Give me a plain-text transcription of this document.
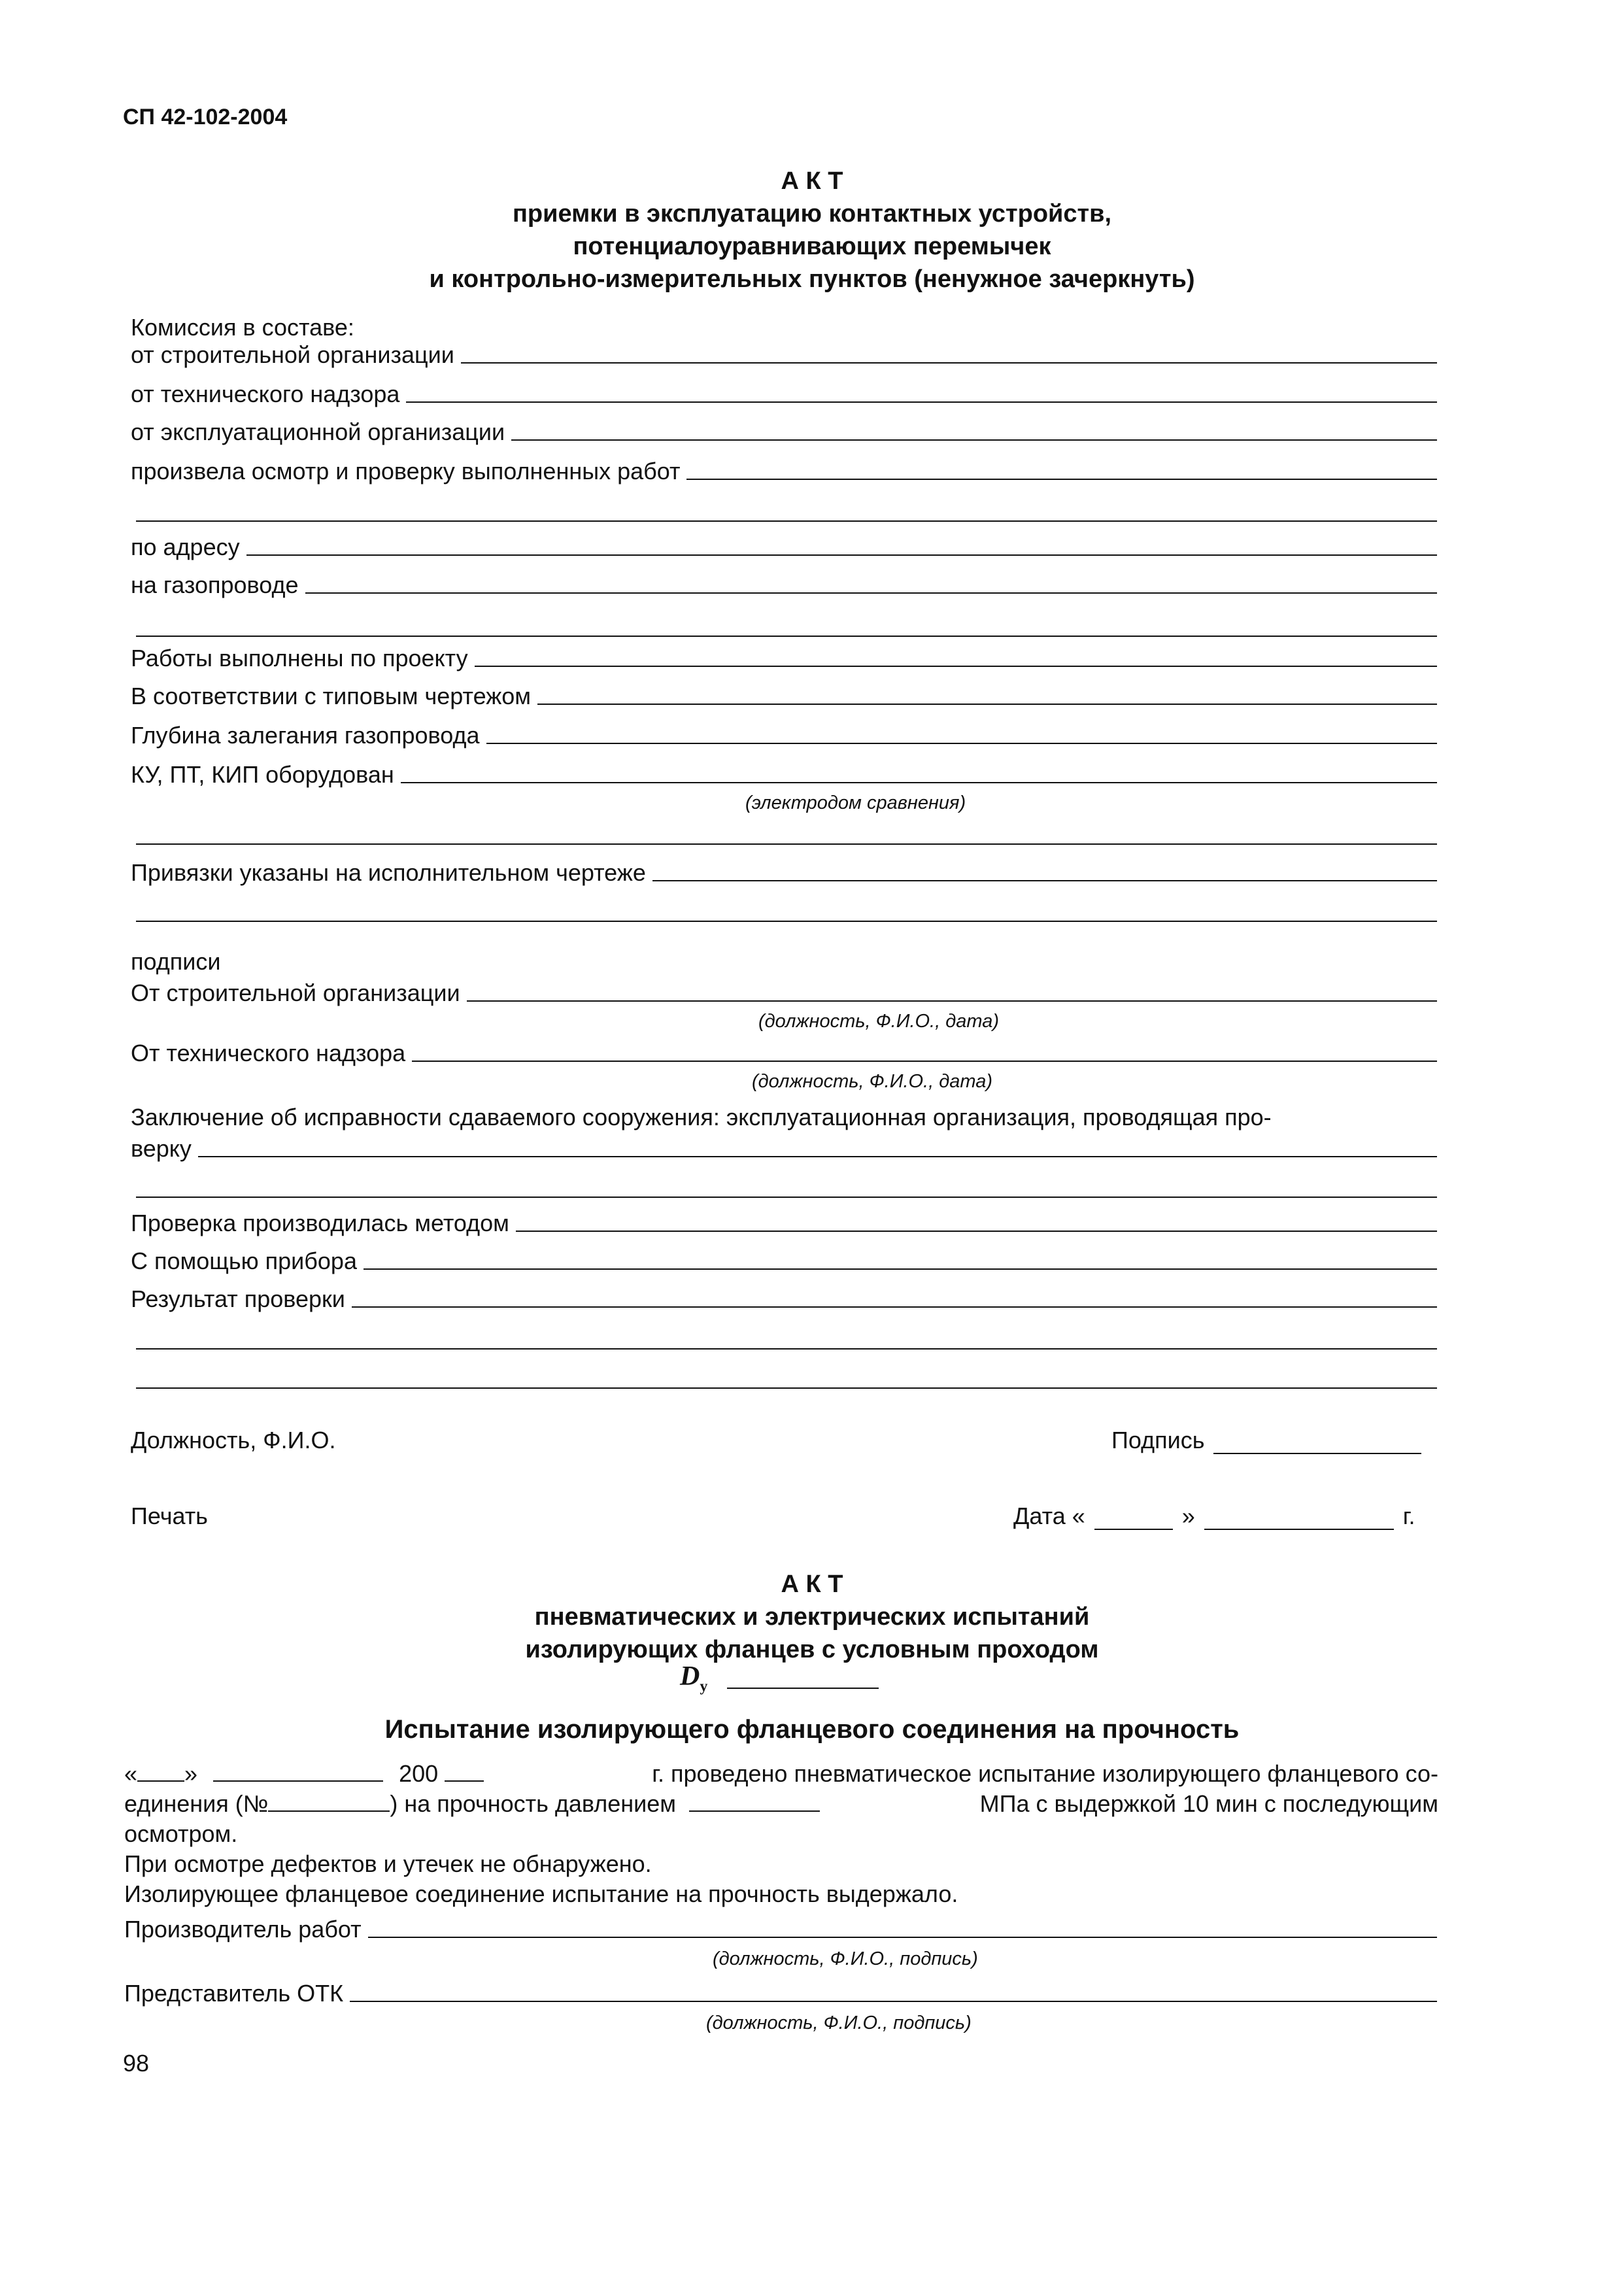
СП 42-102-2004
А К Т
приемки в эксплуатацию контактных устройств,
потенциалоуравнивающих перемычек
и контрольно-измерительных пунктов (ненужное зачеркнуть)
Комиссия в составе:
от строительной организации
от технического надзора
от эксплуатационной организации
произвела осмотр и проверку выполненных работ
по адресу
на газопроводе
Работы выполнены по проекту
В соответствии с типовым чертежом
Глубина залегания газопровода
КУ, ПТ, КИП оборудован
(электродом сравнения)
Привязки указаны на исполнительном чертеже
подписи
От строительной организации
(должность, Ф.И.О., дата)
От технического надзора
(должность, Ф.И.О., дата)
Заключение об исправности сдаваемого сооружения: эксплуатационная организация, проводящая про-
верку
Проверка производилась методом
С помощью прибора
Результат проверки
Должность, Ф.И.О.	Подпись
Печать	Дата «	»	г.
А К Т
пневматических и электрических испытаний
изолирующих фланцев с условным проходом
$D_у$
Испытание изолирующего фланцевого соединения на прочность
« »	200	г. проведено пневматическое испытание изолирующего фланцевого со-
единения (№	) на прочность давлением	МПа с выдержкой 10 мин с последующим
осмотром.
При осмотре дефектов и утечек не обнаружено.
Изолирующее фланцевое соединение испытание на прочность выдержало.
Производитель работ
(должность, Ф.И.О., подпись)
Представитель ОТК
(должность, Ф.И.О., подпись)
98
